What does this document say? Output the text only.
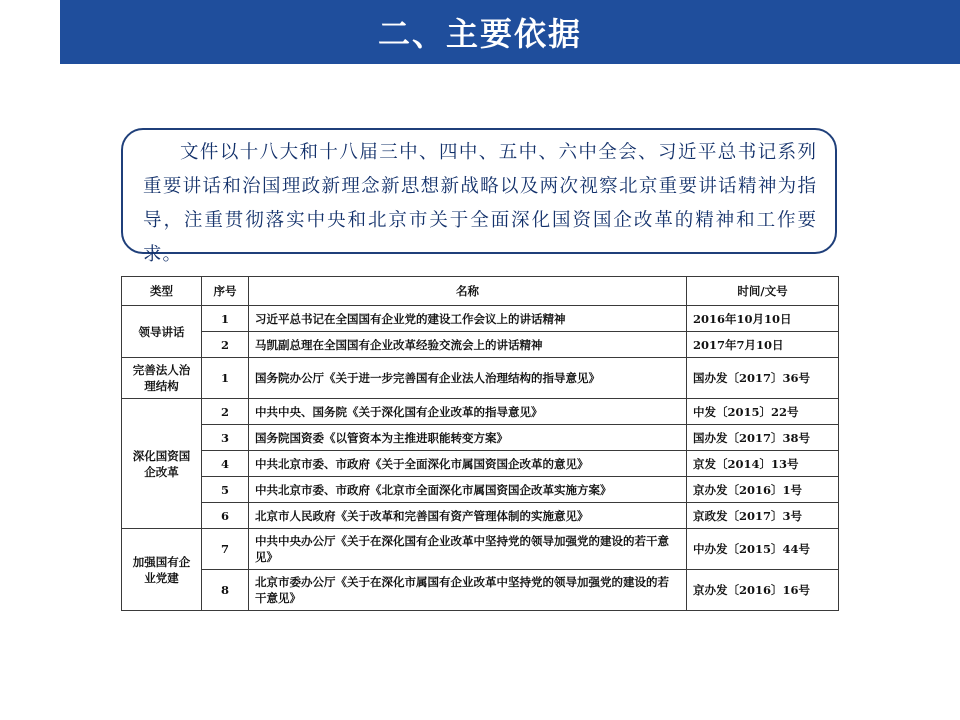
二、主要依据

文件以十八大和十八届三中、四中、五中、六中全会、习近平总书记系列重要讲话和治国理政新理念新思想新战略以及两次视察北京重要讲话精神为指导，注重贯彻落实中央和北京市关于全面深化国资国企改革的精神和工作要求。

类型	序号	名称	时间/文号
领导讲话	1	习近平总书记在全国国有企业党的建设工作会议上的讲话精神	2016年10月10日
	2	马凯副总理在全国国有企业改革经验交流会上的讲话精神	2017年7月10日
完善法人治理结构	1	国务院办公厅《关于进一步完善国有企业法人治理结构的指导意见》	国办发〔2017〕36号
深化国资国企改革	2	中共中央、国务院《关于深化国有企业改革的指导意见》	中发〔2015〕22号
	3	国务院国资委《以管资本为主推进职能转变方案》	国办发〔2017〕38号
	4	中共北京市委、市政府《关于全面深化市属国资国企改革的意见》	京发〔2014〕13号
	5	中共北京市委、市政府《北京市全面深化市属国资国企改革实施方案》	京办发〔2016〕1号
	6	北京市人民政府《关于改革和完善国有资产管理体制的实施意见》	京政发〔2017〕3号
加强国有企业党建	7	中共中央办公厅《关于在深化国有企业改革中坚持党的领导加强党的建设的若干意见》	中办发〔2015〕44号
	8	北京市委办公厅《关于在深化市属国有企业改革中坚持党的领导加强党的建设的若干意见》	京办发〔2016〕16号
